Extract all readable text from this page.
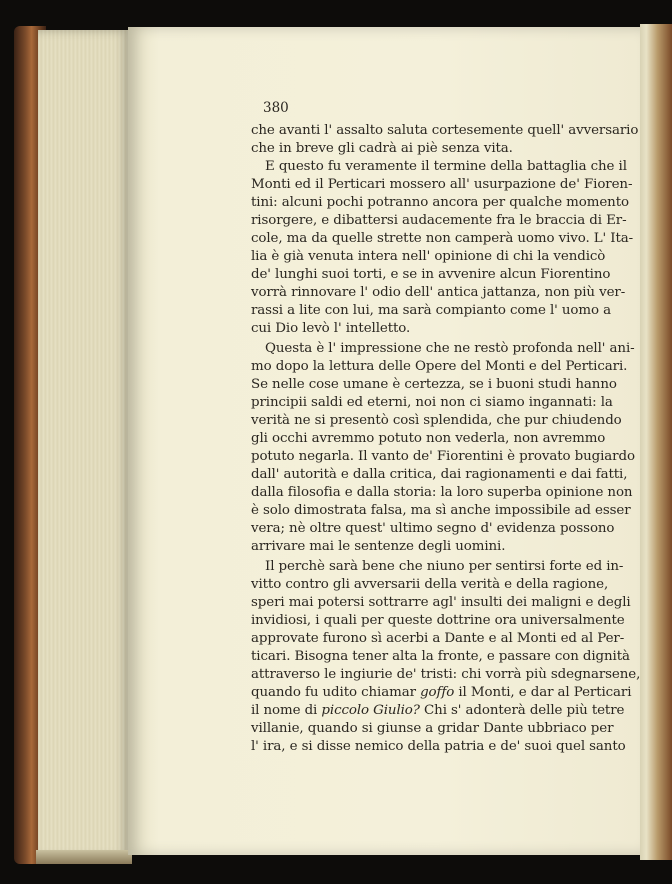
380
che avanti l' assalto saluta cortesemente quell' avversario
che in breve gli cadrà ai piè senza vita.
E questo fu veramente il termine della battaglia che il
Monti ed il Perticari mossero all' usurpazione de' Fioren-
tini: alcuni pochi potranno ancora per qualche momento
risorgere, e dibattersi audacemente fra le braccia di Er-
cole, ma da quelle strette non camperà uomo vivo. L' Ita-
lia è già venuta intera nell' opinione di chi la vendicò
de' lunghi suoi torti, e se in avvenire alcun Fiorentino
vorrà rinnovare l' odio dell' antica jattanza, non più ver-
rassi a lite con lui, ma sarà compianto come l' uomo a
cui Dio levò l' intelletto.
Questa è l' impressione che ne restò profonda nell' ani-
mo dopo la lettura delle Opere del Monti e del Perticari.
Se nelle cose umane è certezza, se i buoni studi hanno
principii saldi ed eterni, noi non ci siamo ingannati: la
verità ne si presentò così splendida, che pur chiudendo
gli occhi avremmo potuto non vederla, non avremmo
potuto negarla. Il vanto de' Fiorentini è provato bugiardo
dall' autorità e dalla critica, dai ragionamenti e dai fatti,
dalla filosofia e dalla storia: la loro superba opinione non
è solo dimostrata falsa, ma sì anche impossibile ad esser
vera; nè oltre quest' ultimo segno d' evidenza possono
arrivare mai le sentenze degli uomini.
Il perchè sarà bene che niuno per sentirsi forte ed in-
vitto contro gli avversarii della verità e della ragione,
speri mai potersi sottrarre agl' insulti dei maligni e degli
invidiosi, i quali per queste dottrine ora universalmente
approvate furono sì acerbi a Dante e al Monti ed al Per-
ticari. Bisogna tener alta la fronte, e passare con dignità
attraverso le ingiurie de' tristi: chi vorrà più sdegnarsene,
quando fu udito chiamar goffo il Monti, e dar al Perticari
il nome di piccolo Giulio? Chi s' adonterà delle più tetre
villanie, quando si giunse a gridar Dante ubbriaco per
l' ira, e si disse nemico della patria e de' suoi quel santo
